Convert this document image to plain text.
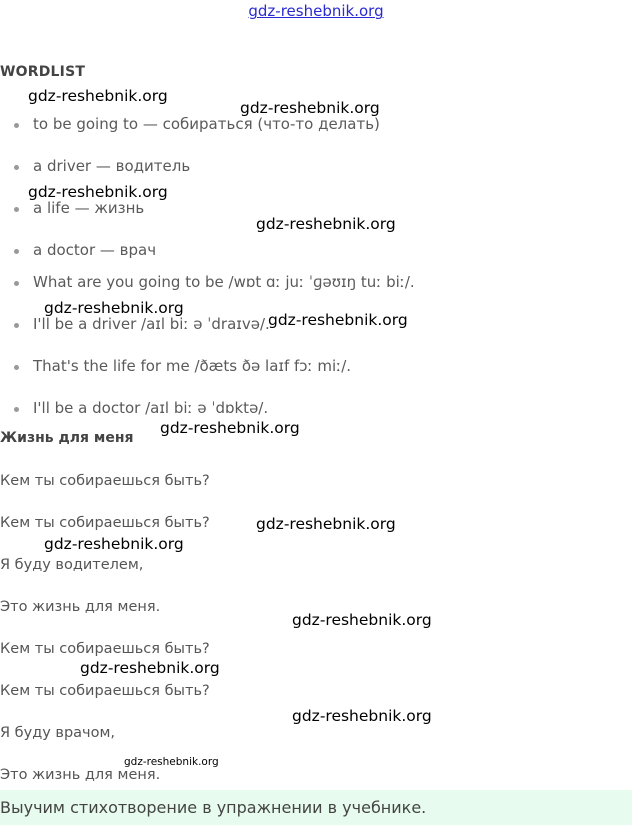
gdz-reshebnik.org
WORDLIST
to be going to — собираться (что-то делать)
a driver — водитель
a life — жизнь
a doctor — врач
What are you going to be /wɒt ɑː juː ˈɡəʊɪŋ tuː biː/.
I'll be a driver /aɪl biː ə ˈdraɪvə/.
That's the life for me /ðæts ðə laɪf fɔː miː/.
I'll be a doctor /aɪl biː ə ˈdɒktə/.
Жизнь для меня
Кем ты собираешься быть?
Кем ты собираешься быть?
Я буду водителем,
Это жизнь для меня.
Кем ты собираешься быть?
Кем ты собираешься быть?
Я буду врачом,
Это жизнь для меня.
Выучим стихотворение в упражнении в учебнике.
gdz-reshebnik.org
gdz-reshebnik.org
gdz-reshebnik.org
gdz-reshebnik.org
gdz-reshebnik.org
gdz-reshebnik.org
gdz-reshebnik.org
gdz-reshebnik.org
gdz-reshebnik.org
gdz-reshebnik.org
gdz-reshebnik.org
gdz-reshebnik.org
gdz-reshebnik.org
